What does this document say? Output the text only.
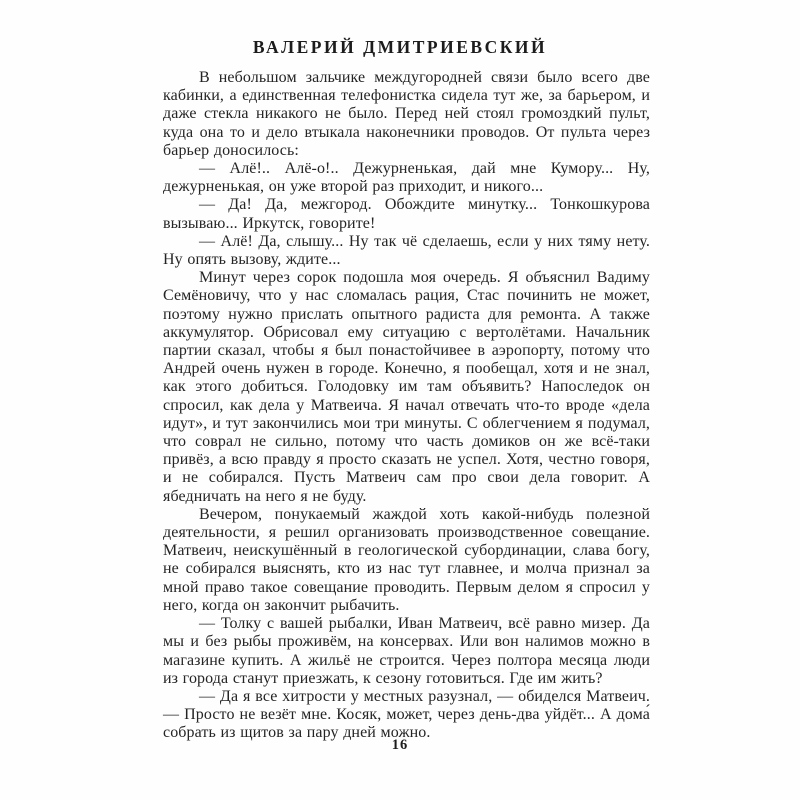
ВАЛЕРИЙ ДМИТРИЕВСКИЙ

В небольшом зальчике междугородней связи было всего две кабинки, а единственная телефонистка сидела тут же, за барьером, и даже стекла никакого не было. Перед ней стоял громоздкий пульт, куда она то и дело втыкала наконечники проводов. От пульта через барьер доносилось:

— Алё!.. Алё-о!.. Дежурненькая, дай мне Кумору... Ну, дежурненькая, он уже второй раз приходит, и никого...

— Да! Да, межгород. Обождите минутку... Тонкошкурова вызываю... Иркутск, говорите!

— Алё! Да, слышу... Ну так чё сделаешь, если у них тяму нету. Ну опять вызову, ждите...

Минут через сорок подошла моя очередь. Я объяснил Вадиму Семёновичу, что у нас сломалась рация, Стас починить не может, поэтому нужно прислать опытного радиста для ремонта. А также аккумулятор. Обрисовал ему ситуацию с вертолётами. Начальник партии сказал, чтобы я был понастойчивее в аэропорту, потому что Андрей очень нужен в городе. Конечно, я пообещал, хотя и не знал, как этого добиться. Голодовку им там объявить? Напоследок он спросил, как дела у Матвеича. Я начал отвечать что-то вроде «дела идут», и тут закончились мои три минуты. С облегчением я подумал, что соврал не сильно, потому что часть домиков он же всё-таки привёз, а всю правду я просто сказать не успел. Хотя, честно говоря, и не собирался. Пусть Матвеич сам про свои дела говорит. А ябедничать на него я не буду.

Вечером, понукаемый жаждой хоть какой-нибудь полезной деятельности, я решил организовать производственное совещание. Матвеич, неискушённый в геологической субординации, слава богу, не собирался выяснять, кто из нас тут главнее, и молча признал за мной право такое совещание проводить. Первым делом я спросил у него, когда он закончит рыбачить.

— Толку с вашей рыбалки, Иван Матвеич, всё равно мизер. Да мы и без рыбы проживём, на консервах. Или вон налимов можно в магазине купить. А жильё не строится. Через полтора месяца люди из города станут приезжать, к сезону готовиться. Где им жить?

— Да я все хитрости у местных разузнал, — обиделся Матвеич. — Просто не везёт мне. Косяк, может, через день-два уйдёт... А дома́ собрать из щитов за пару дней можно.

16
